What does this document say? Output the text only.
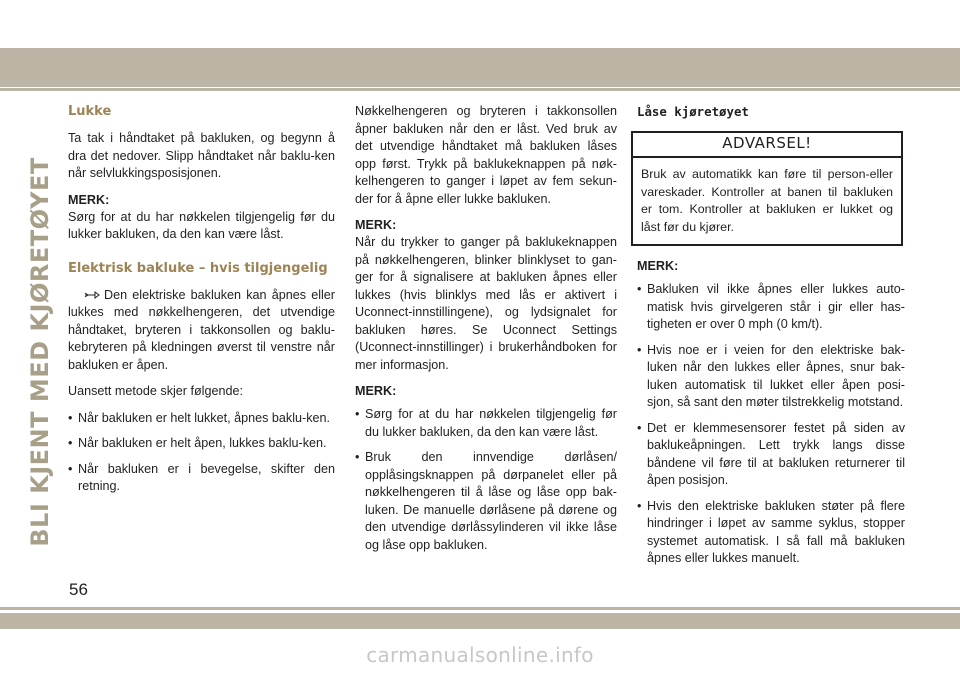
BLI KJENT MED KJØRETØYET
Lukke

Ta tak i håndtaket på bakluken, og begynn å dra det nedover. Slipp håndtaket når baklu-ken når selvlukkingsposisjonen.

MERK:

Sørg for at du har nøkkelen tilgjengelig før du lukker bakluken, da den kan være låst.

Elektrisk bakluke – hvis tilgjengelig

Den elektriske bakluken kan åpnes eller lukkes med nøkkelhengeren, det utvendige håndtaket, bryteren i takkonsollen og baklu-kebryteren på kledningen øverst til venstre når bakluken er åpen.

Uansett metode skjer følgende:

• Når bakluken er helt lukket, åpnes baklu-ken.
• Når bakluken er helt åpen, lukkes baklu-ken.
• Når bakluken er i bevegelse, skifter den retning.

Nøkkelhengeren og bryteren i takkonsollen åpner bakluken når den er låst. Ved bruk av det utvendige håndtaket må bakluken låses opp først. Trykk på baklukeknappen på nøk-kelhengeren to ganger i løpet av fem sekun-der for å åpne eller lukke bakluken.

MERK:

Når du trykker to ganger på baklukeknappen på nøkkelhengeren, blinker blinklyset to gan-ger for å signalisere at bakluken åpnes eller lukkes (hvis blinklys med lås er aktivert i Uconnect-innstillingene), og lydsignalet for bakluken høres. Se Uconnect Settings (Uconnect-innstillinger) i brukerhåndboken for mer informasjon.

MERK:
• Sørg for at du har nøkkelen tilgjengelig før du lukker bakluken, da den kan være låst.
• Bruk den innvendige dørlåsen/ opplåsingsknappen på dørpanelet eller på nøkkelhengeren til å låse og låse opp bak-luken. De manuelle dørlåsene på dørene og den utvendige dørlåssylinderen vil ikke låse og låse opp bakluken.
Låse kjøretøyet
ADVARSEL!
Bruk av automatikk kan føre til person-eller vareskader. Kontroller at banen til bakluken er tom. Kontroller at bakluken er lukket og låst før du kjører.
MERK:
• Bakluken vil ikke åpnes eller lukkes auto-matisk hvis girvelgeren står i gir eller has-tigheten er over 0 mph (0 km/t).
• Hvis noe er i veien for den elektriske bak-luken når den lukkes eller åpnes, snur bak-luken automatisk til lukket eller åpen posi-sjon, så sant den møter tilstrekkelig motstand.
• Det er klemmesensorer festet på siden av baklukeåpningen. Lett trykk langs disse båndene vil føre til at bakluken returnerer til åpen posisjon.
• Hvis den elektriske bakluken støter på flere hindringer i løpet av samme syklus, stopper systemet automatisk. I så fall må bakluken åpnes eller lukkes manuelt.
56
carmanualsonline.info
